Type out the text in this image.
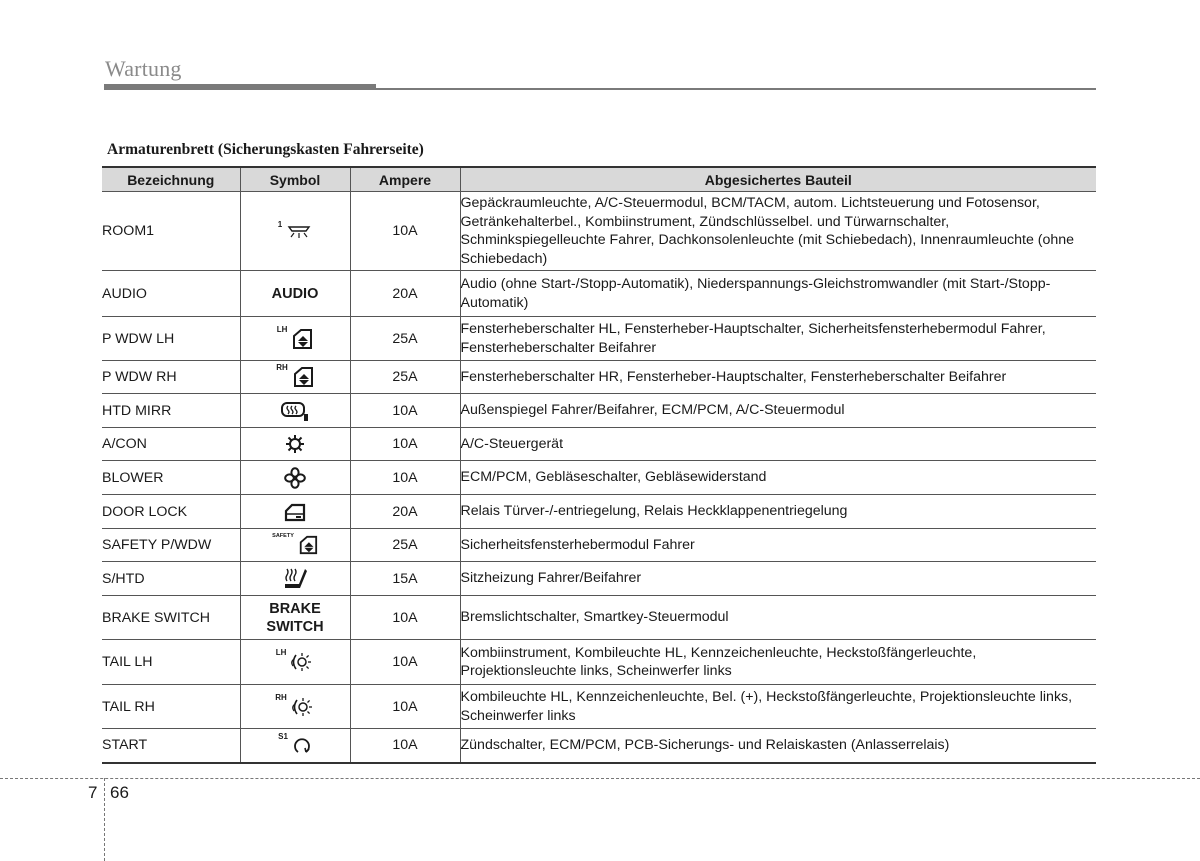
Wartung
Armaturenbrett (Sicherungskasten Fahrerseite)
Bezeichnung	Symbol	Ampere	Abgesichertes Bauteil
ROOM1	$^1$	10A	Gepäckraumleuchte, A/C-Steuermodul, BCM/TACM, autom. Lichtsteuerung und Fotosensor, Getränkehalterbel., Kombiinstrument, Zündschlüsselbel. und Türwarnschalter, Schminkspiegelleuchte Fahrer, Dachkonsolenleuchte (mit Schiebedach), Innenraumleuchte (ohne Schiebedach)
AUDIO	AUDIO	20A	Audio (ohne Start-/Stopp-Automatik), Niederspannungs-Gleichstromwandler (mit Start-/Stopp-Automatik)
P WDW LH	$^{LH}$	25A	Fensterheberschalter HL, Fensterheber-Hauptschalter, Sicherheitsfensterhebermodul Fahrer, Fensterheberschalter Beifahrer
P WDW RH	$^{RH}$	25A	Fensterheberschalter HR, Fensterheber-Hauptschalter, Fensterheberschalter Beifahrer
HTD MIRR		10A	Außenspiegel Fahrer/Beifahrer, ECM/PCM, A/C-Steuermodul
A/CON		10A	A/C-Steuergerät
BLOWER		10A	ECM/PCM, Gebläseschalter, Gebläsewiderstand
DOOR LOCK		20A	Relais Türver-/-entriegelung, Relais Heckklappenentriegelung
SAFETY P/WDW	$^{SAFETY}$	25A	Sicherheitsfensterhebermodul Fahrer
S/HTD		15A	Sitzheizung Fahrer/Beifahrer
BRAKE SWITCH	BRAKE SWITCH	10A	Bremslichtschalter, Smartkey-Steuermodul
TAIL LH	$^{LH}$	10A	Kombiinstrument, Kombileuchte HL, Kennzeichenleuchte, Heckstoßfängerleuchte, Projektionsleuchte links, Scheinwerfer links
TAIL RH	$^{RH}$	10A	Kombileuchte HL, Kennzeichenleuchte, Bel. (+), Heckstoßfängerleuchte, Projektionsleuchte links, Scheinwerfer links
START	$^{S1}$	10A	Zündschalter, ECM/PCM, PCB-Sicherungs- und Relaiskasten (Anlasserrelais)
7 66
